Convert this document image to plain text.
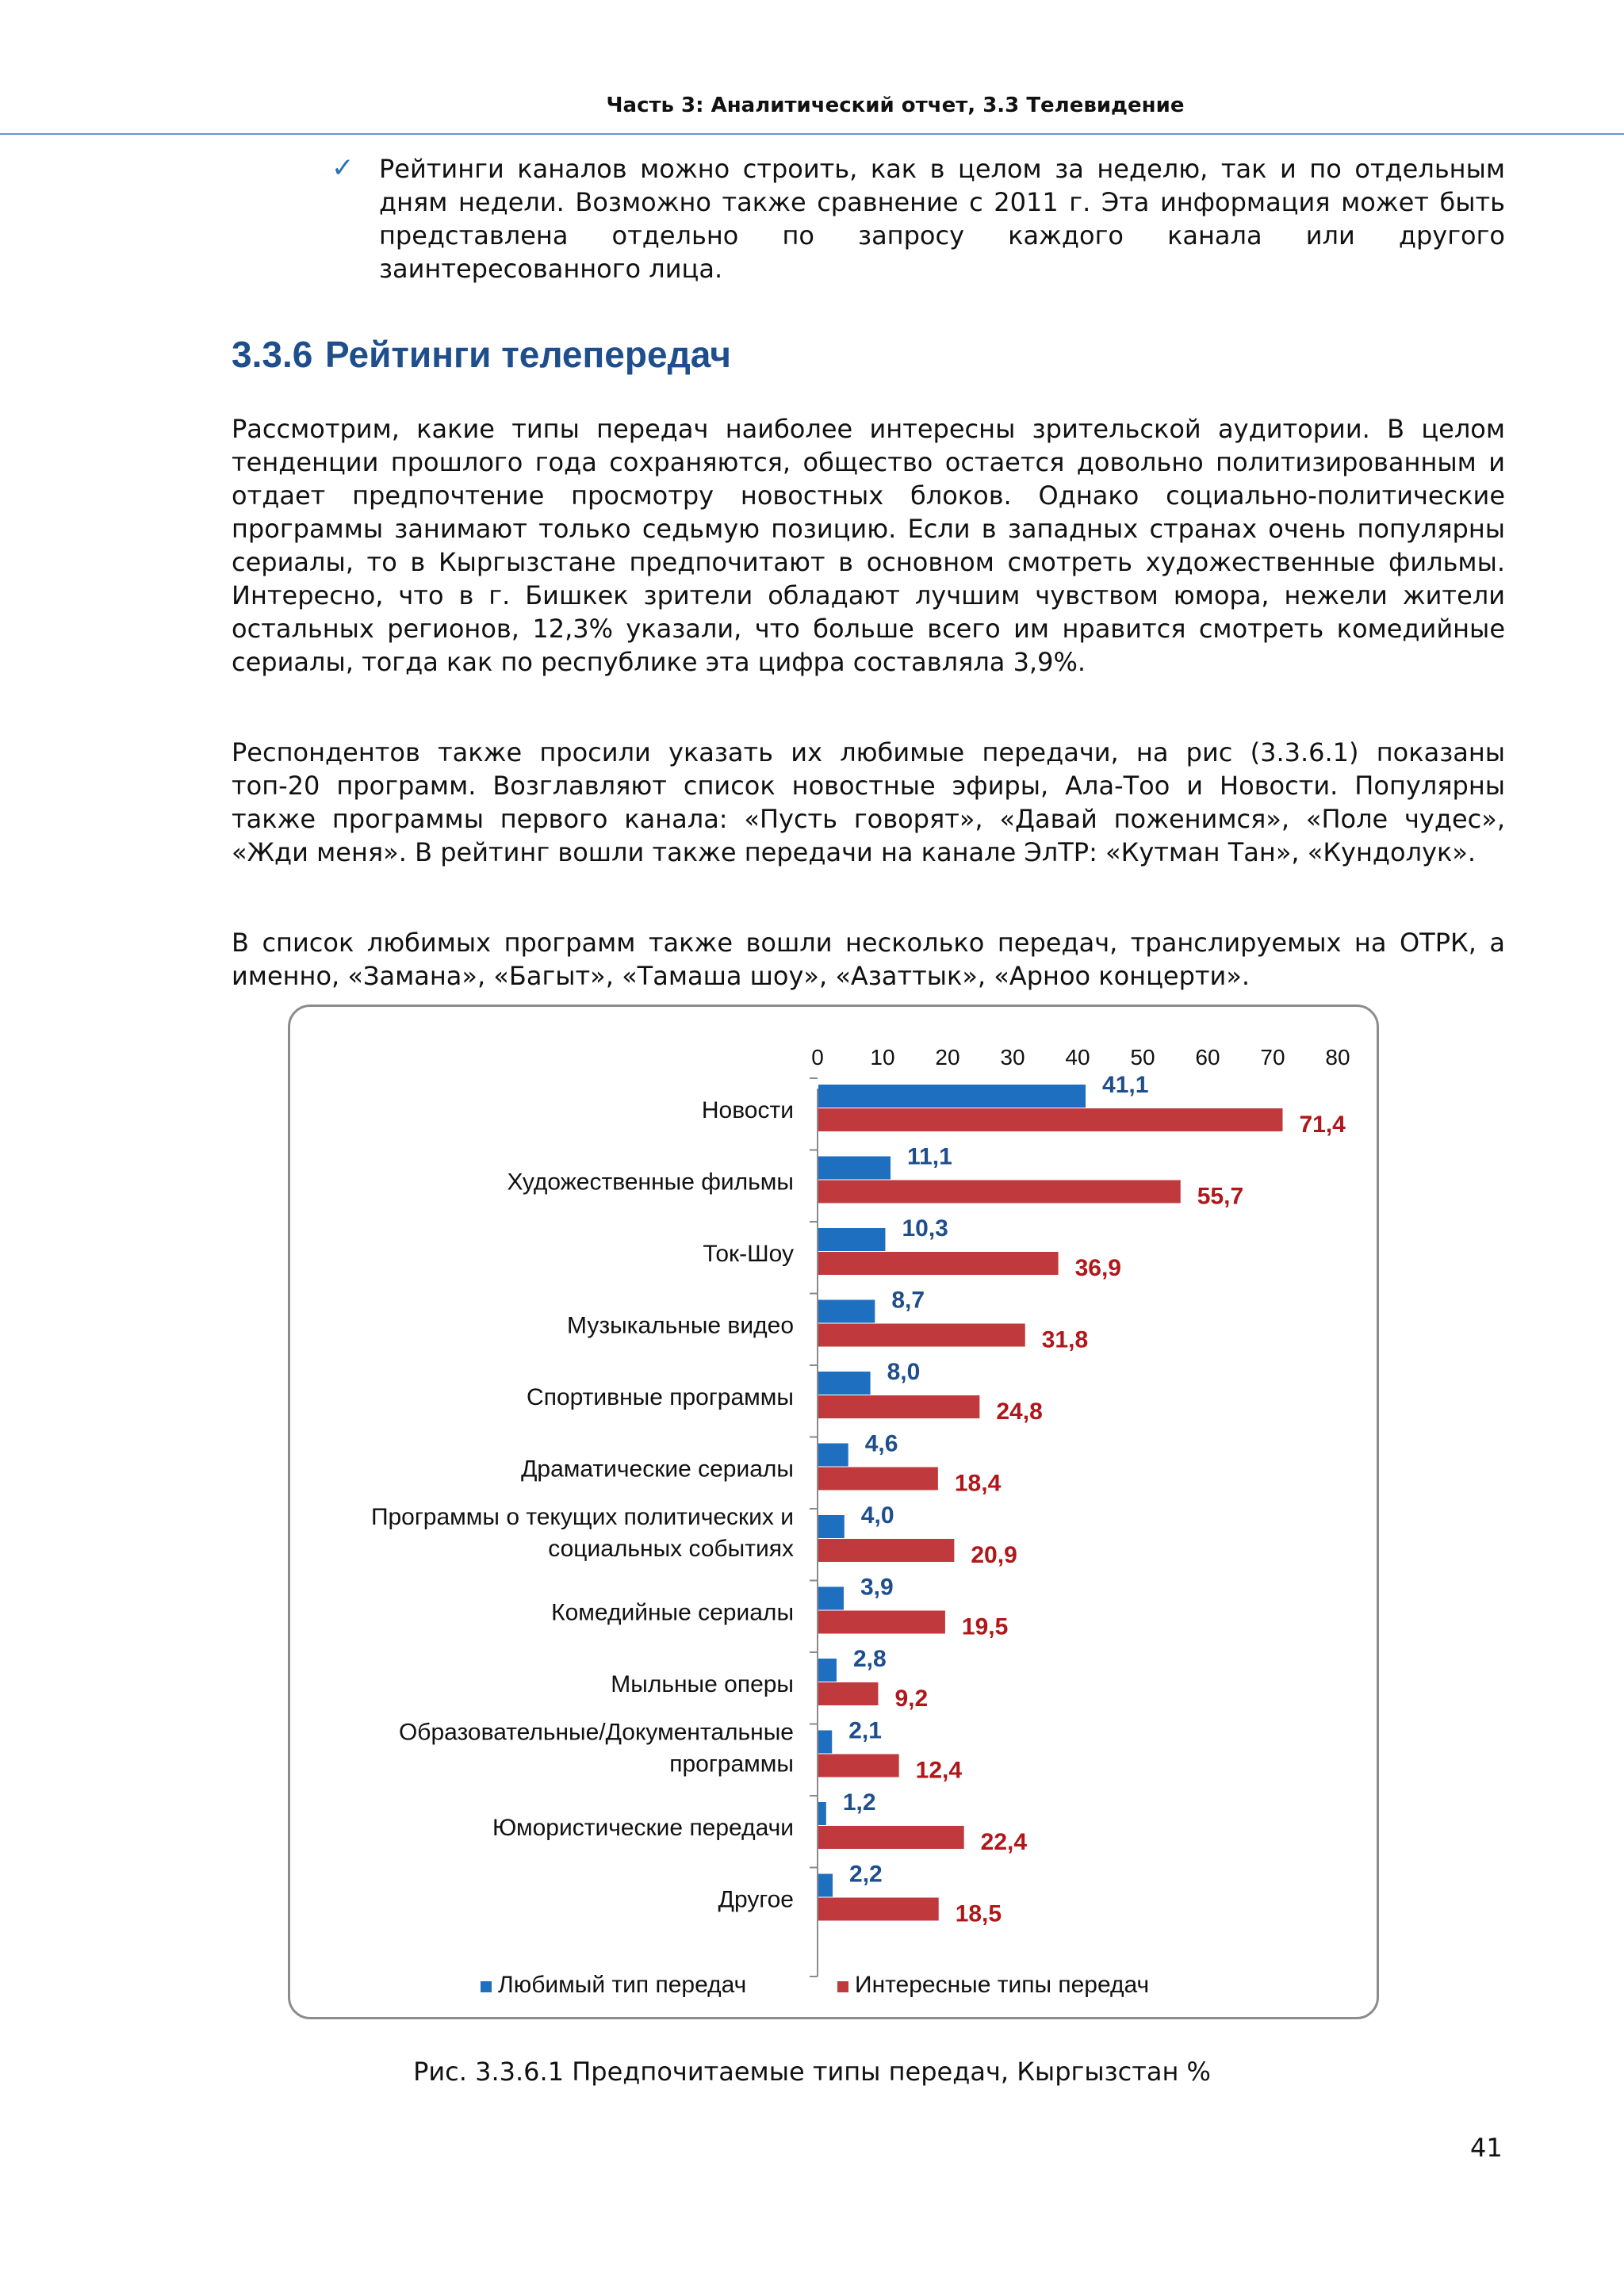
Часть 3: Аналитический отчет, 3.3 Телевидение
✓ Рейтинги каналов можно строить, как в целом за неделю, так и по отдельным дням недели. Возможно также сравнение с 2011 г. Эта информация может быть представлена отдельно по запросу каждого канала или другого заинтересованного лица.
3.3.6 Рейтинги телепередач
Рассмотрим, какие типы передач наиболее интересны зрительской аудитории. В целом тенденции прошлого года сохраняются, общество остается довольно политизированным и отдает предпочтение просмотру новостных блоков. Однако социально-политические программы занимают только седьмую позицию. Если в западных странах очень популярны сериалы, то в Кыргызстане предпочитают в основном смотреть художественные фильмы. Интересно, что в г. Бишкек зрители обладают лучшим чувством юмора, нежели жители остальных регионов, 12,3% указали, что больше всего им нравится смотреть комедийные сериалы, тогда как по республике эта цифра составляла 3,9%.
Респондентов также просили указать их любимые передачи, на рис (3.3.6.1) показаны топ-20 программ. Возглавляют список новостные эфиры, Ала-Тоо и Новости. Популярны также программы первого канала: «Пусть говорят», «Давай поженимся», «Поле чудес», «Жди меня». В рейтинг вошли также передачи на канале ЭлТР: «Кутман Тан», «Кундолук».
В список любимых программ также вошли несколько передач, транслируемых на ОТРК, а именно, «Замана», «Багыт», «Тамаша шоу», «Азаттык», «Арноо концерти».
0 10 20 30 40 50 60 70 80
Новости
41,1
71,4
Художественные фильмы
11,1
55,7
Ток-Шоу
10,3
36,9
Музыкальные видео
8,7
31,8
Спортивные программы
8,0
24,8
Драматические сериалы
4,6
18,4
Программы о текущих политических и
социальных событиях
4,0
20,9
Комедийные сериалы
3,9
19,5
Мыльные оперы
2,8
9,2
Образовательные/Документальные
программы
2,1
12,4
Юмористические передачи
1,2
22,4
Другое
2,2
18,5
Любимый тип передач	Интересные типы передач
Рис. 3.3.6.1 Предпочитаемые типы передач, Кыргызстан %
41
